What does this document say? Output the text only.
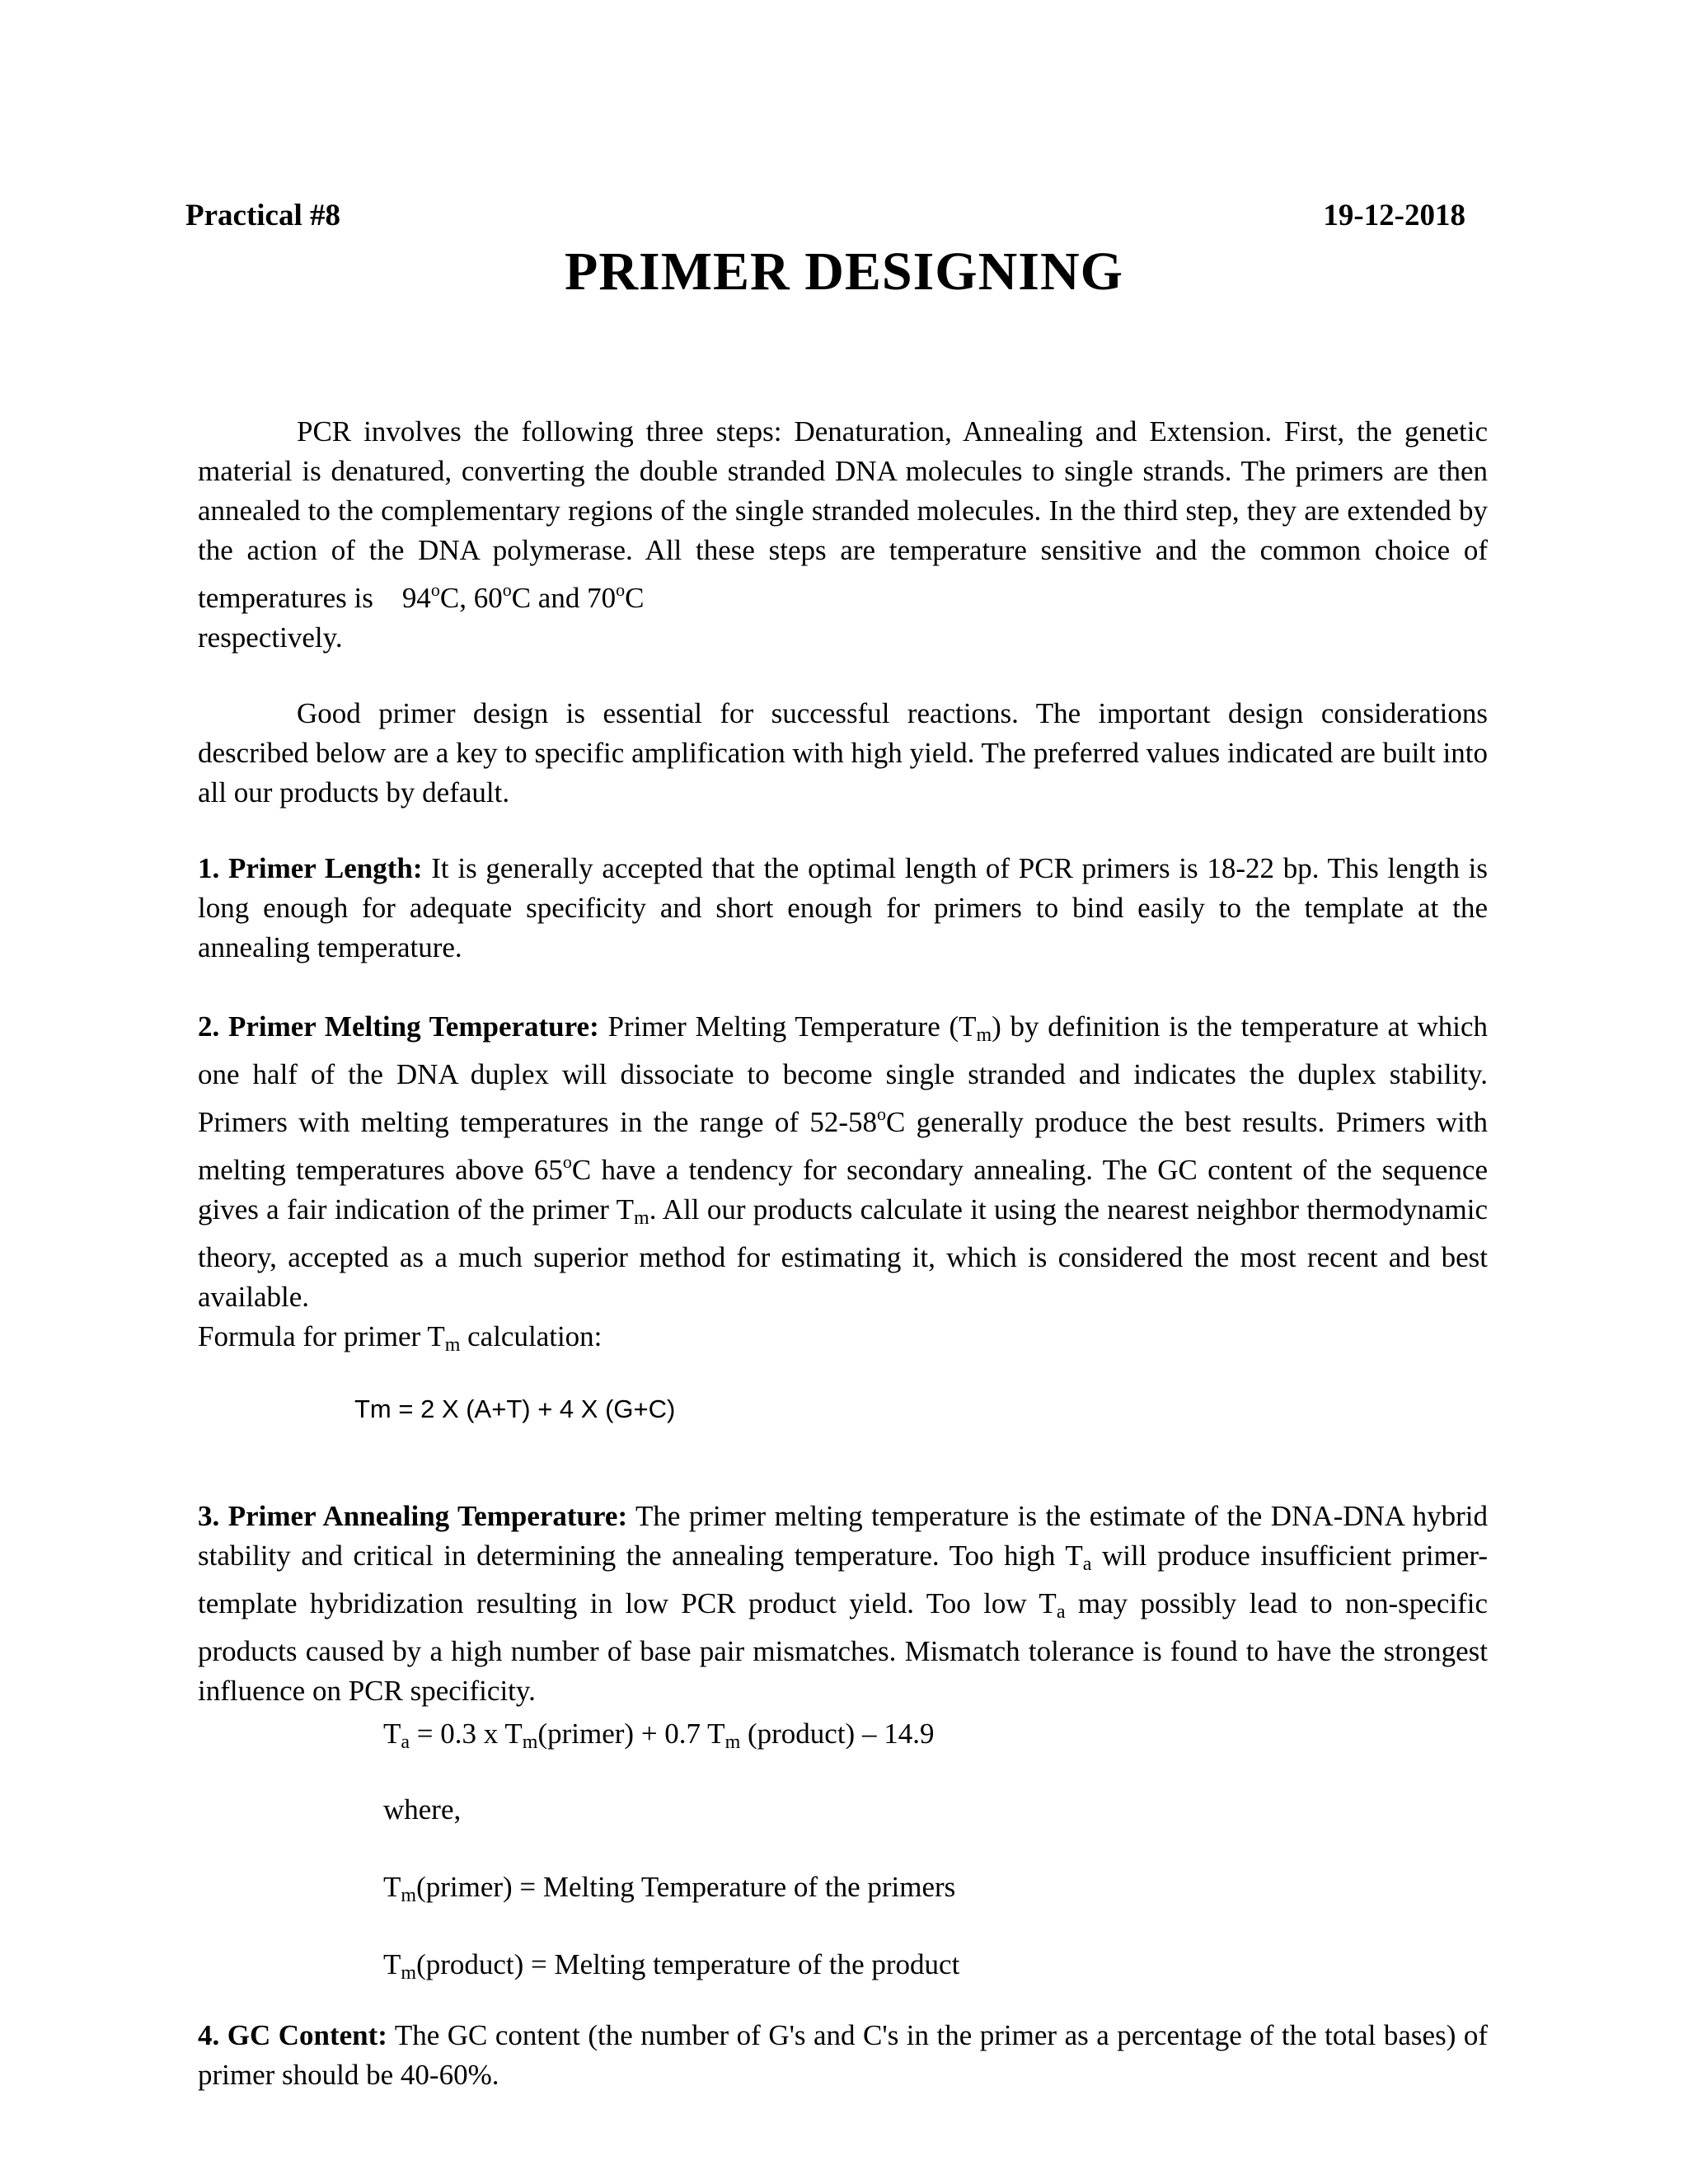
Practical #8	19-12-2018
PRIMER DESIGNING

PCR involves the following three steps: Denaturation, Annealing and Extension. First, the genetic material is denatured, converting the double stranded DNA molecules to single strands. The primers are then annealed to the complementary regions of the single stranded molecules. In the third step, they are extended by the action of the DNA polymerase. All these steps are temperature sensitive and the common choice of temperatures is 94$^o$C, 60$^o$C and 70$^o$C
respectively.

Good primer design is essential for successful reactions. The important design considerations described below are a key to specific amplification with high yield. The preferred values indicated are built into all our products by default.

1. Primer Length: It is generally accepted that the optimal length of PCR primers is 18-22 bp. This length is long enough for adequate specificity and short enough for primers to bind easily to the template at the annealing temperature.

2. Primer Melting Temperature: Primer Melting Temperature $(T_m)$ by definition is the temperature at which one half of the DNA duplex will dissociate to become single stranded and indicates the duplex stability. Primers with melting temperatures in the range of 52-58$^o$C generally produce the best results. Primers with melting temperatures above 65$^o$C have a tendency for secondary annealing. The GC content of the sequence gives a fair indication of the primer $T_m$. All our products calculate it using the nearest neighbor thermodynamic theory, accepted as a much superior method for estimating it, which is considered the most recent and best available.

Formula for primer $T_m$ calculation:
Tm = 2 X (A+T) + 4 X (G+C)

3. Primer Annealing Temperature: The primer melting temperature is the estimate of the DNA-DNA hybrid stability and critical in determining the annealing temperature. Too high $T_a$ will produce insufficient primer-template hybridization resulting in low PCR product yield. Too low $T_a$ may possibly lead to non-specific products caused by a high number of base pair mismatches. Mismatch tolerance is found to have the strongest influence on PCR specificity.

$T_a = 0.3$ x $T_m(primer) + 0.7$ $T_m$ (product) – 14.9
where,
$T_m(primer)$ = Melting Temperature of the primers
$T_m(product)$ = Melting temperature of the product

4. GC Content: The GC content (the number of G's and C's in the primer as a percentage of the total bases) of primer should be 40-60%.
